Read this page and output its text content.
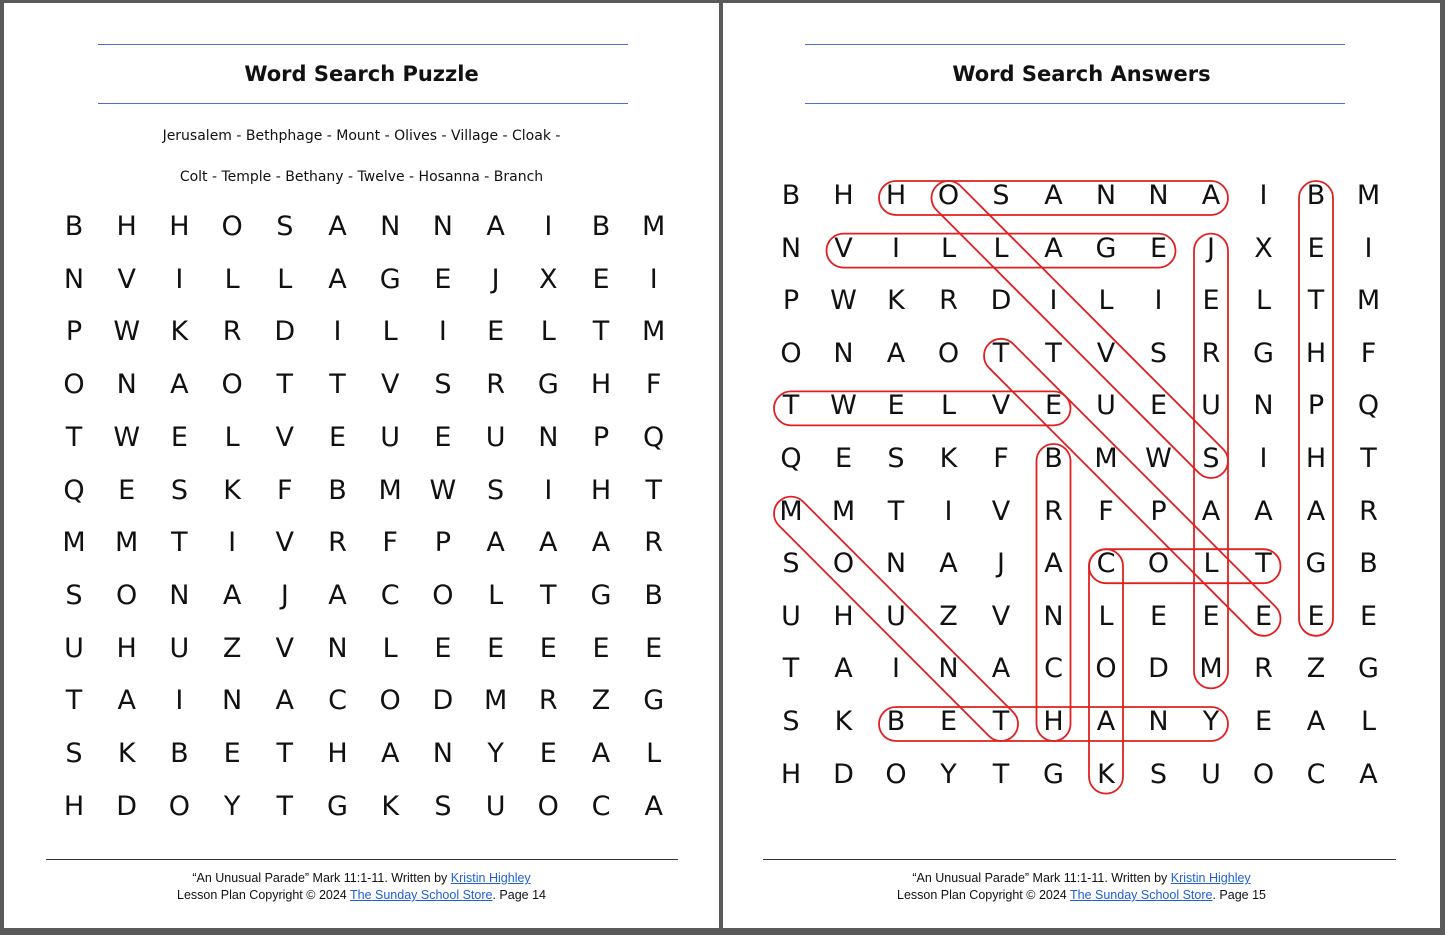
Word Search Puzzle
Jerusalem - Bethphage - Mount - Olives - Village - Cloak -
Colt - Temple - Bethany - Twelve - Hosanna - Branch
B	H	H	O	S	A	N	N	A	I	B	M
N	V	I	L	L	A	G	E	J	X	E	I
P	W	K	R	D	I	L	I	E	L	T	M
O	N	A	O	T	T	V	S	R	G	H	F
T	W	E	L	V	E	U	E	U	N	P	Q
Q	E	S	K	F	B	M	W	S	I	H	T
M	M	T	I	V	R	F	P	A	A	A	R
S	O	N	A	J	A	C	O	L	T	G	B
U	H	U	Z	V	N	L	E	E	E	E	E
T	A	I	N	A	C	O	D	M	R	Z	G
S	K	B	E	T	H	A	N	Y	E	A	L
H	D	O	Y	T	G	K	S	U	O	C	A
“An Unusual Parade” Mark 11:1-11. Written by Kristin Highley
Lesson Plan Copyright © 2024 The Sunday School Store. Page 14
Word Search Answers
B	H	H	O	S	A	N	N	A	I	B	M
N	V	I	L	L	A	G	E	J	X	E	I
P	W	K	R	D	I	L	I	E	L	T	M
O	N	A	O	T	T	V	S	R	G	H	F
T	W	E	L	V	E	U	E	U	N	P	Q
Q	E	S	K	F	B	M	W	S	I	H	T
M	M	T	I	V	R	F	P	A	A	A	R
S	O	N	A	J	A	C	O	L	T	G	B
U	H	U	Z	V	N	L	E	E	E	E	E
T	A	I	N	A	C	O	D	M	R	Z	G
S	K	B	E	T	H	A	N	Y	E	A	L
H	D	O	Y	T	G	K	S	U	O	C	A
“An Unusual Parade” Mark 11:1-11. Written by Kristin Highley
Lesson Plan Copyright © 2024 The Sunday School Store. Page 15
